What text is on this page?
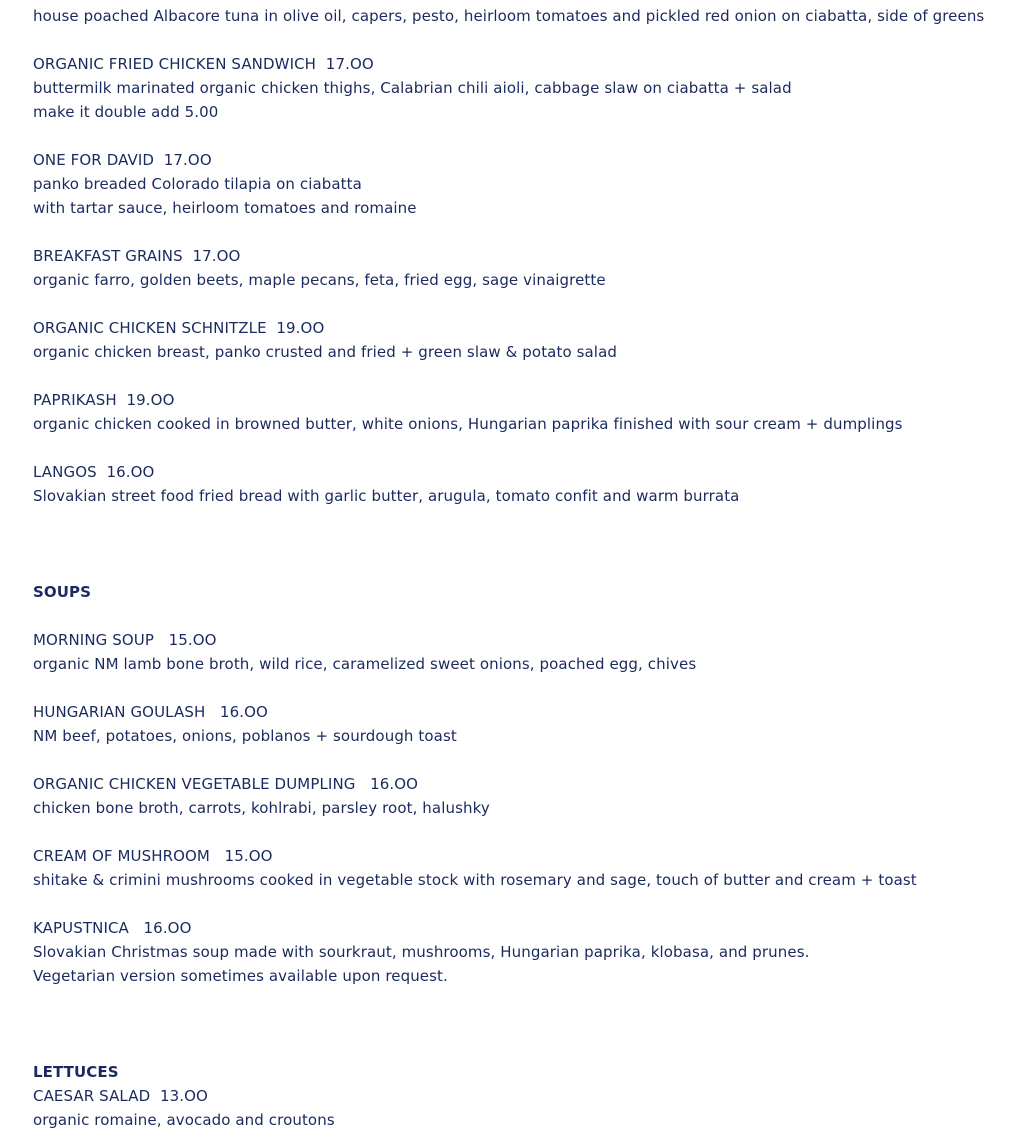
house poached Albacore tuna in olive oil, capers, pesto, heirloom tomatoes and pickled red onion on ciabatta, side of greens
ORGANIC FRIED CHICKEN SANDWICH  17.OO
buttermilk marinated organic chicken thighs, Calabrian chili aioli, cabbage slaw on ciabatta + salad
make it double add 5.00
ONE FOR DAVID  17.OO
panko breaded Colorado tilapia on ciabatta
with tartar sauce, heirloom tomatoes and romaine
BREAKFAST GRAINS  17.OO
organic farro, golden beets, maple pecans, feta, fried egg, sage vinaigrette
ORGANIC CHICKEN SCHNITZLE  19.OO
organic chicken breast, panko crusted and fried + green slaw & potato salad
PAPRIKASH  19.OO
organic chicken cooked in browned butter, white onions, Hungarian paprika finished with sour cream + dumplings
LANGOS  16.OO
Slovakian street food fried bread with garlic butter, arugula, tomato confit and warm burrata
SOUPS
MORNING SOUP   15.OO
organic NM lamb bone broth, wild rice, caramelized sweet onions, poached egg, chives
HUNGARIAN GOULASH   16.OO
NM beef, potatoes, onions, poblanos + sourdough toast
ORGANIC CHICKEN VEGETABLE DUMPLING   16.OO
chicken bone broth, carrots, kohlrabi, parsley root, halushky
CREAM OF MUSHROOM   15.OO
shitake & crimini mushrooms cooked in vegetable stock with rosemary and sage, touch of butter and cream + toast
KAPUSTNICA   16.OO
Slovakian Christmas soup made with sourkraut, mushrooms, Hungarian paprika, klobasa, and prunes.
Vegetarian version sometimes available upon request.
LETTUCES
CAESAR SALAD  13.OO
organic romaine, avocado and croutons
